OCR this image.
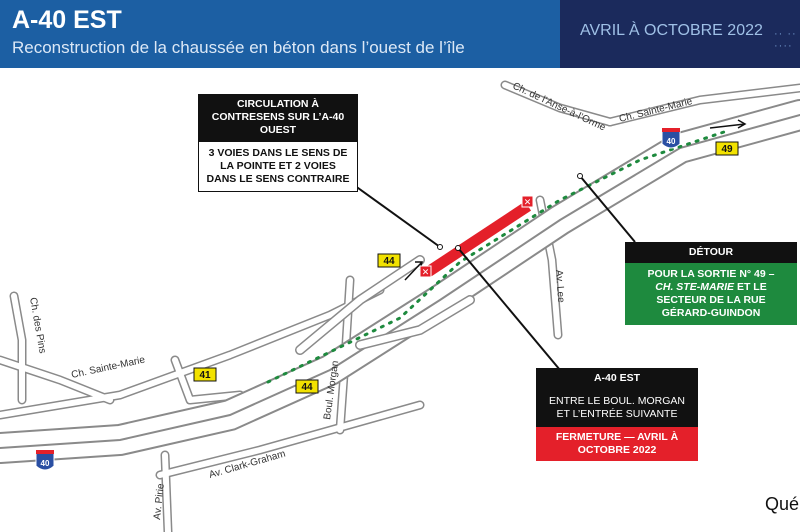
A-40 EST
Reconstruction de la chaussée en béton dans l’ouest de l’île
AVRIL À OCTOBRE 2022 ·· ··
····
✕
✕
44
44
41
49
40
40
Ch. de l’Anse-à-l’Orme Ch. Sainte-Marie
Ch. Sainte-Marie
Ch. des Pins
Boul. Morgan
Av. Lee
Av. Clark-Graham
Av. Pirie
CIRCULATION À CONTRESENS SUR L’A-40 OUEST
3 VOIES DANS LE SENS DE LA POINTE ET 2 VOIES DANS LE SENS CONTRAIRE
DÉTOUR
POUR LA SORTIE N° 49 –
CH. STE-MARIE ET LE SECTEUR DE LA RUE GÉRARD-GUINDON
A-40 EST
ENTRE LE BOUL. MORGAN ET L’ENTRÉE SUIVANTE
FERMETURE — AVRIL À OCTOBRE 2022
Qué
